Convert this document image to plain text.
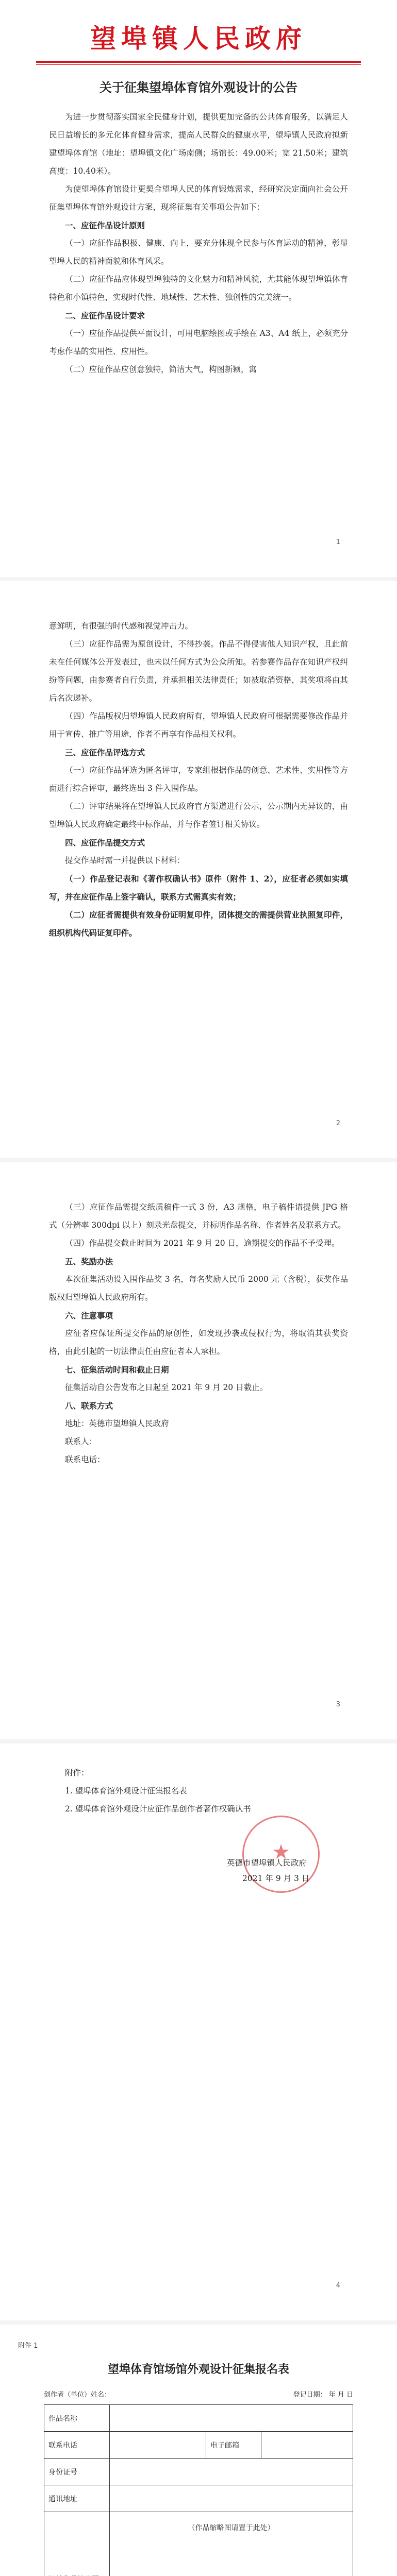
望埠镇人民政府
关于征集望埠体育馆外观设计的公告

为进一步贯彻落实国家全民健身计划，提供更加完备的公共体育服务，以满足人民日益增长的多元化体育健身需求，提高人民群众的健康水平，望埠镇人民政府拟新建望埠体育馆（地址：望埠镇文化广场南侧；场馆长：49.00米；宽 21.50米；建筑高度：10.40米）。

为使望埠体育馆设计更契合望埠人民的体育锻炼需求，经研究决定面向社会公开征集望埠体育馆外观设计方案，现将征集有关事项公告如下：

一、应征作品设计原则

（一）应征作品积极、健康、向上，要充分体现全民参与体育运动的精神，彰显望埠人民的精神面貌和体育风采。

（二）应征作品应体现望埠独特的文化魅力和精神风貌，尤其能体现望埠镇体育特色和小镇特色，实现时代性、地域性、艺术性、独创性的完美统一。

二、应征作品设计要求

（一）应征作品提供平面设计，可用电脑绘图或手绘在 A3、A4 纸上，必须充分考虑作品的实用性、应用性。

（二）应征作品应创意独特，简洁大气，构图新颖，寓

1

意鲜明，有很强的时代感和视觉冲击力。

（三）应征作品需为原创设计，不得抄袭。作品不得侵害他人知识产权，且此前未在任何媒体公开发表过，也未以任何方式为公众所知。若参赛作品存在知识产权纠纷等问题，由参赛者自行负责，并承担相关法律责任；如被取消资格，其奖项将由其后名次递补。

（四）作品版权归望埠镇人民政府所有，望埠镇人民政府可根据需要修改作品并用于宣传、推广等用途，作者不再享有作品相关权利。

三、应征作品评选方式

（一）应征作品评选为匿名评审，专家组根据作品的创意、艺术性、实用性等方面进行综合评审，最终选出 3 件入围作品。

（二）评审结果将在望埠镇人民政府官方渠道进行公示，公示期内无异议的，由望埠镇人民政府确定最终中标作品，并与作者签订相关协议。

四、应征作品提交方式

提交作品时需一并提供以下材料：

（一）作品登记表和《著作权确认书》原件（附件 1、2），应征者必须如实填写，并在应征作品上签字确认，联系方式需真实有效；

（二）应征者需提供有效身份证明复印件，团体提交的需提供营业执照复印件，组织机构代码证复印件。

2

（三）应征作品需提交纸质稿件一式 3 份，A3 规格，电子稿件请提供 JPG 格式（分辨率 300dpi 以上）刻录光盘提交，并标明作品名称、作者姓名及联系方式。

（四）作品提交截止时间为 2021 年 9 月 20 日，逾期提交的作品不予受理。

五、奖励办法

本次征集活动设入围作品奖 3 名，每名奖励人民币 2000 元（含税），获奖作品版权归望埠镇人民政府所有。

六、注意事项

应征者应保证所提交作品的原创性，如发现抄袭或侵权行为，将取消其获奖资格，由此引起的一切法律责任由应征者本人承担。

七、征集活动时间和截止日期

征集活动自公告发布之日起至 2021 年 9 月 20 日截止。

八、联系方式

地址：英德市望埠镇人民政府

联系人：

联系电话：

3

附件：

1. 望埠体育馆外观设计征集报名表

2. 望埠体育馆外观设计应征作品创作者著作权确认书

★
英德市望埠镇人民政府
2021 年 9 月 3 日
4
附件 1
望埠体育馆场馆外观设计征集报名表
创作者（单位）姓名：	登记日期： 年 月 日
作品名称			
联系电话		电子邮箱	
身份证号			
通讯地址			

（作品缩略图请置于此处）		
